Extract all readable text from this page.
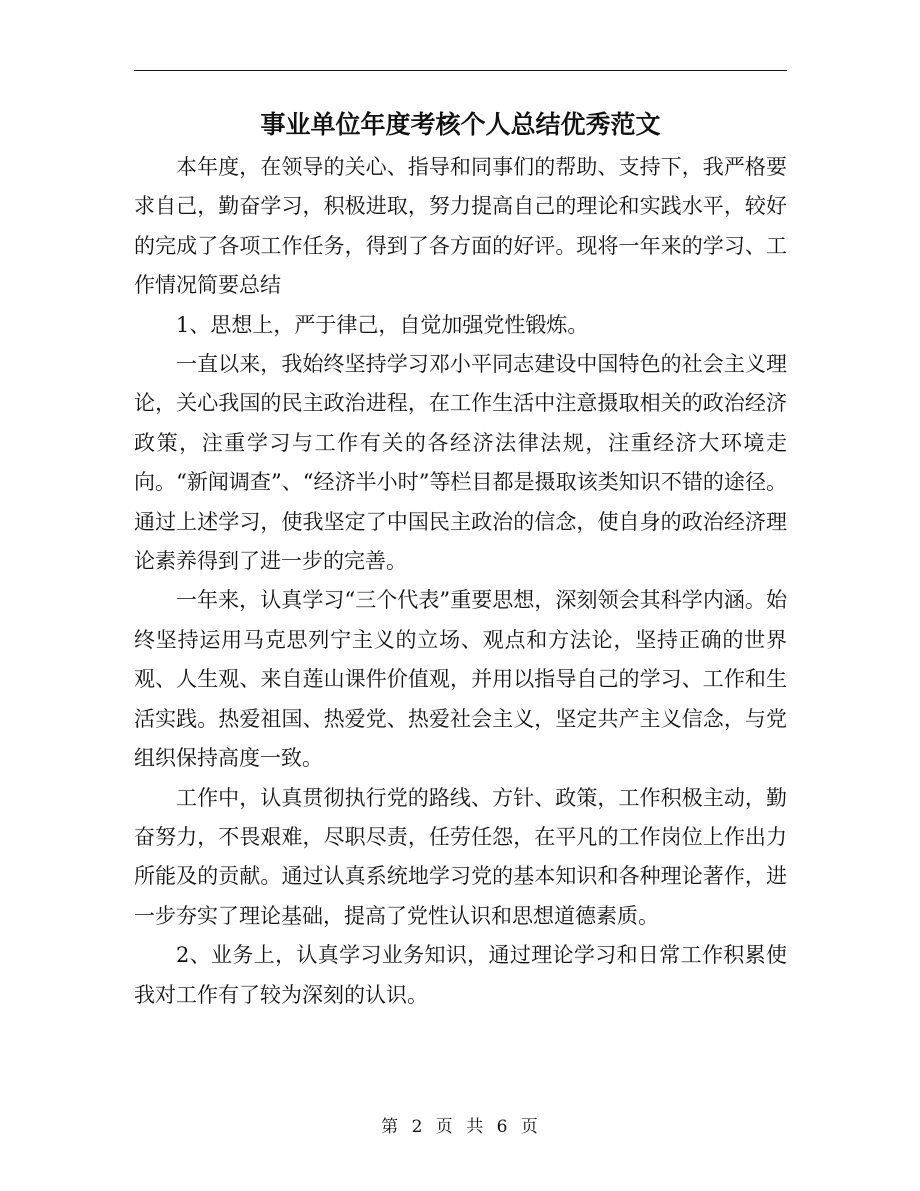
事业单位年度考核个人总结优秀范文

本年度，在领导的关心、指导和同事们的帮助、支持下，我严格要求自己，勤奋学习，积极进取，努力提高自己的理论和实践水平，较好的完成了各项工作任务，得到了各方面的好评。现将一年来的学习、工作情况简要总结

1、思想上，严于律己，自觉加强党性锻炼。

一直以来，我始终坚持学习邓小平同志建设中国特色的社会主义理论，关心我国的民主政治进程，在工作生活中注意摄取相关的政治经济政策，注重学习与工作有关的各经济法律法规，注重经济大环境走向。“新闻调查”、“经济半小时”等栏目都是摄取该类知识不错的途径。通过上述学习，使我坚定了中国民主政治的信念，使自身的政治经济理论素养得到了进一步的完善。

一年来，认真学习“三个代表”重要思想，深刻领会其科学内涵。始终坚持运用马克思列宁主义的立场、观点和方法论，坚持正确的世界观、人生观、来自莲山课件价值观，并用以指导自己的学习、工作和生活实践。热爱祖国、热爱党、热爱社会主义，坚定共产主义信念，与党组织保持高度一致。

工作中，认真贯彻执行党的路线、方针、政策，工作积极主动，勤奋努力，不畏艰难，尽职尽责，任劳任怨，在平凡的工作岗位上作出力所能及的贡献。通过认真系统地学习党的基本知识和各种理论著作，进一步夯实了理论基础，提高了党性认识和思想道德素质。

2、业务上，认真学习业务知识，通过理论学习和日常工作积累使我对工作有了较为深刻的认识。

第 2 页 共 6 页
